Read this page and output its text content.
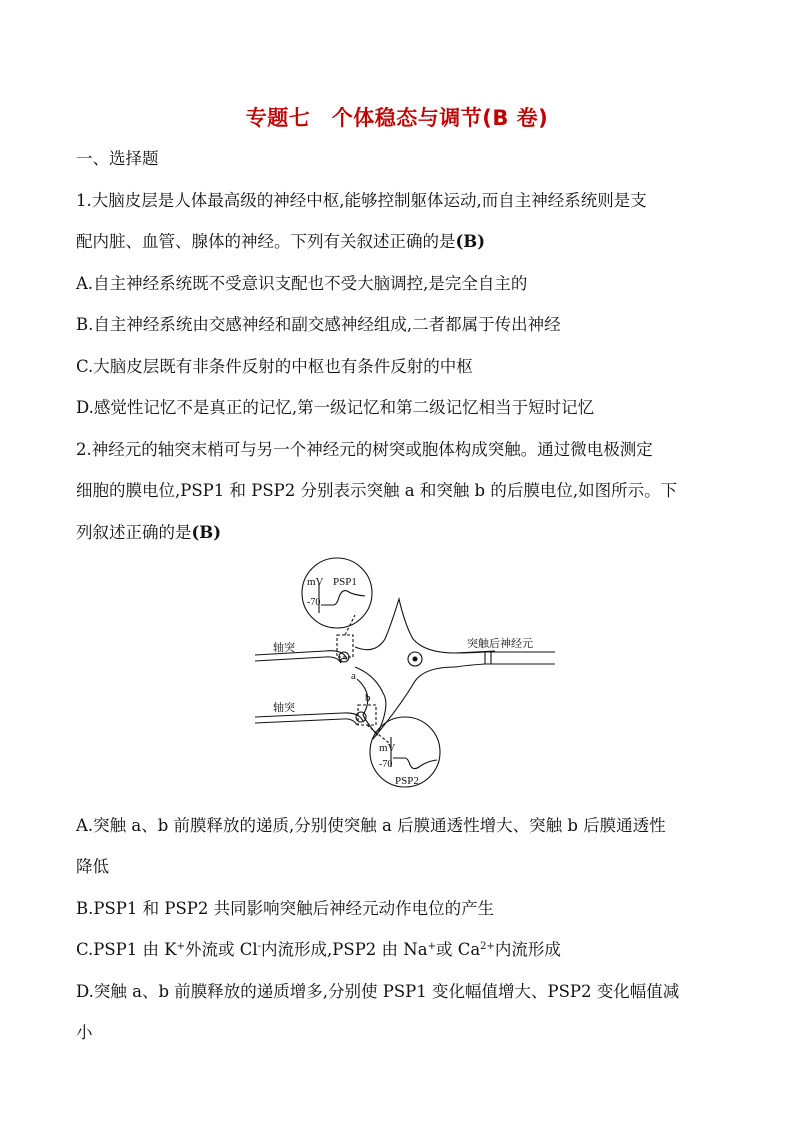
专题七　个体稳态与调节(B 卷)
一、选择题
1.大脑皮层是人体最高级的神经中枢,能够控制躯体运动,而自主神经系统则是支
配内脏、血管、腺体的神经。下列有关叙述正确的是(B)
A.自主神经系统既不受意识支配也不受大脑调控,是完全自主的
B.自主神经系统由交感神经和副交感神经组成,二者都属于传出神经
C.大脑皮层既有非条件反射的中枢也有条件反射的中枢
D.感觉性记忆不是真正的记忆,第一级记忆和第二级记忆相当于短时记忆
2.神经元的轴突末梢可与另一个神经元的树突或胞体构成突触。通过微电极测定
细胞的膜电位,PSP1 和 PSP2 分别表示突触 a 和突触 b 的后膜电位,如图所示。下
列叙述正确的是(B)
mV PSP1
-70
mV
-70
PSP2
轴突
轴突
a
b
突触后神经元
A.突触 a、b 前膜释放的递质,分别使突触 a 后膜通透性增大、突触 b 后膜通透性
降低
B.PSP1 和 PSP2 共同影响突触后神经元动作电位的产生
C.PSP1 由 K+外流或 Cl-内流形成,PSP2 由 Na+或 $Ca^{2+}$内流形成
D.突触 a、b 前膜释放的递质增多,分别使 PSP1 变化幅值增大、PSP2 变化幅值减
小
